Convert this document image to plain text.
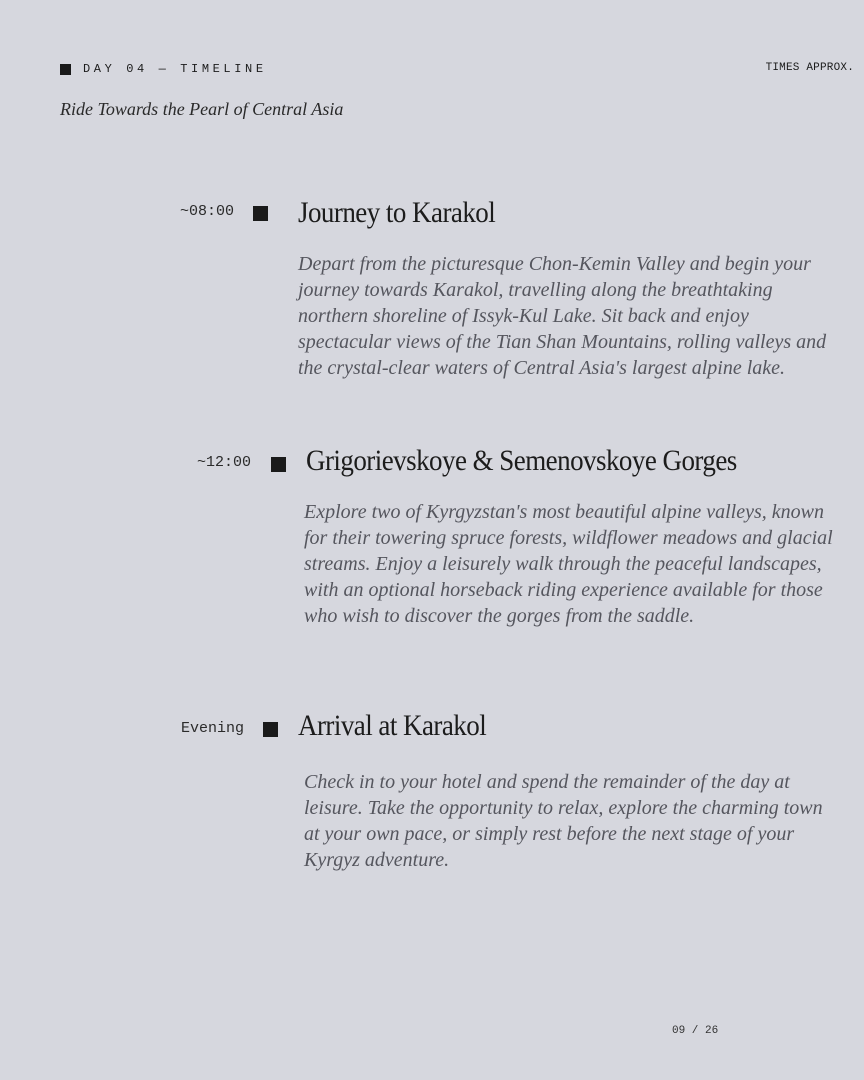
DAY 04 — TIMELINE	TIMES APPROX.
Ride Towards the Pearl of Central Asia
~08:00 Journey to Karakol
Depart from the picturesque Chon-Kemin Valley and begin your journey towards Karakol, travelling along the breathtaking northern shoreline of Issyk-Kul Lake. Sit back and enjoy spectacular views of the Tian Shan Mountains, rolling valleys and the crystal-clear waters of Central Asia's largest alpine lake.
~12:00 Grigorievskoye & Semenovskoye Gorges
Explore two of Kyrgyzstan's most beautiful alpine valleys, known for their towering spruce forests, wildflower meadows and glacial streams. Enjoy a leisurely walk through the peaceful landscapes, with an optional horseback riding experience available for those who wish to discover the gorges from the saddle.
Evening Arrival at Karakol
Check in to your hotel and spend the remainder of the day at leisure. Take the opportunity to relax, explore the charming town at your own pace, or simply rest before the next stage of your Kyrgyz adventure.
09 / 26
